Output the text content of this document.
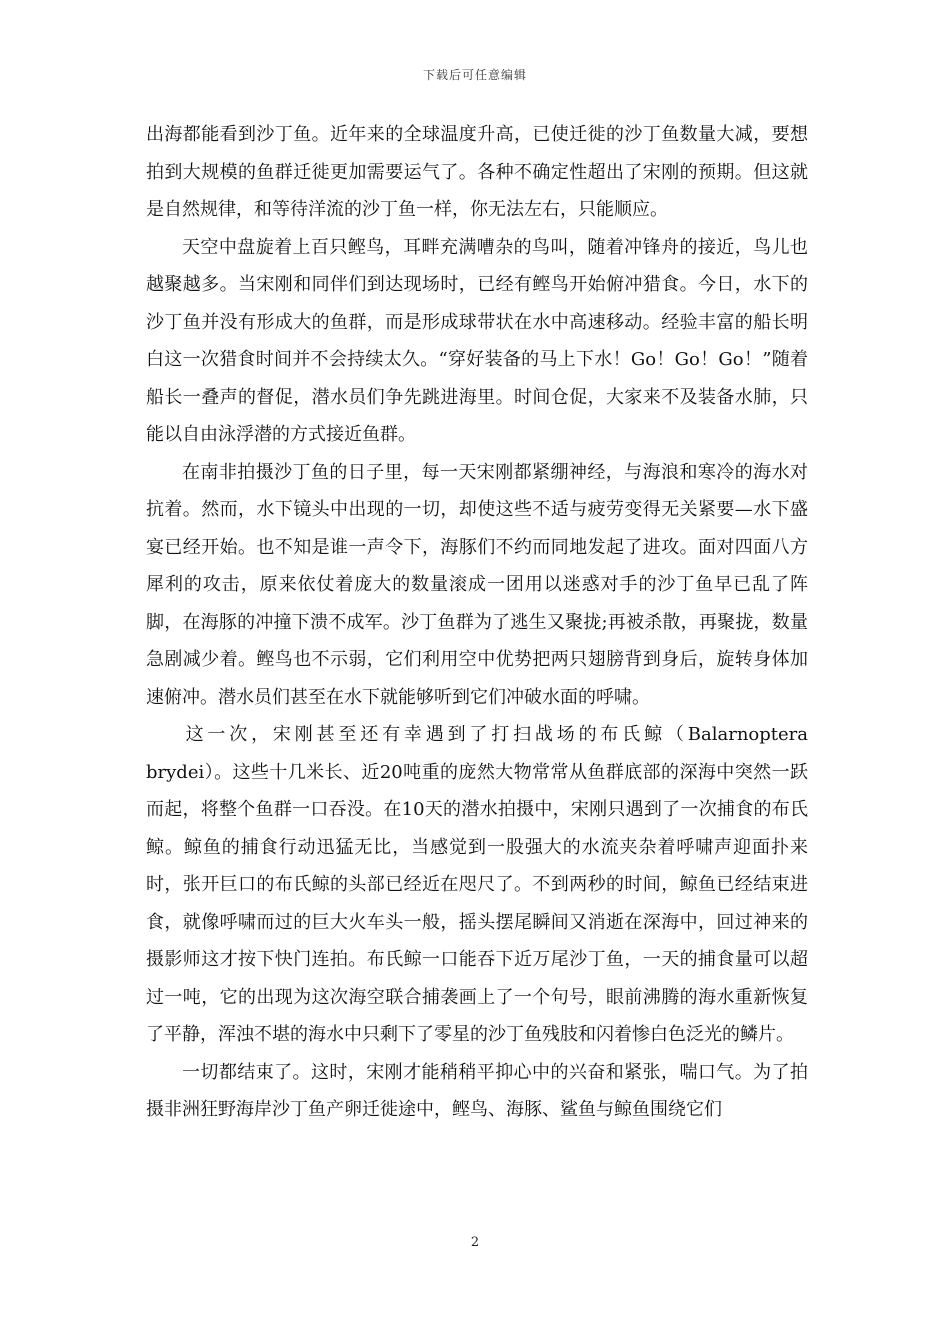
下载后可任意编辑

出海都能看到沙丁鱼。近年来的全球温度升高，已使迁徙的沙丁鱼数量大减，要想拍到大规模的鱼群迁徙更加需要运气了。各种不确定性超出了宋刚的预期。但这就是自然规律，和等待洋流的沙丁鱼一样，你无法左右，只能顺应。

天空中盘旋着上百只鲣鸟，耳畔充满嘈杂的鸟叫，随着冲锋舟的接近，鸟儿也越聚越多。当宋刚和同伴们到达现场时，已经有鲣鸟开始俯冲猎食。今日，水下的沙丁鱼并没有形成大的鱼群，而是形成球带状在水中高速移动。经验丰富的船长明白这一次猎食时间并不会持续太久。“穿好装备的马上下水！Go！Go！Go！”随着船长一叠声的督促，潜水员们争先跳进海里。时间仓促，大家来不及装备水肺，只能以自由泳浮潜的方式接近鱼群。

在南非拍摄沙丁鱼的日子里，每一天宋刚都紧绷神经，与海浪和寒冷的海水对抗着。然而，水下镜头中出现的一切，却使这些不适与疲劳变得无关紧要—水下盛宴已经开始。也不知是谁一声令下，海豚们不约而同地发起了进攻。面对四面八方犀利的攻击，原来依仗着庞大的数量滚成一团用以迷惑对手的沙丁鱼早已乱了阵脚，在海豚的冲撞下溃不成军。沙丁鱼群为了逃生又聚拢;再被杀散，再聚拢，数量急剧减少着。鲣鸟也不示弱，它们利用空中优势把两只翅膀背到身后，旋转身体加速俯冲。潜水员们甚至在水下就能够听到它们冲破水面的呼啸。

这一次，宋刚甚至还有幸遇到了打扫战场的布氏鲸（Balarnoptera brydei）。这些十几米长、近20吨重的庞然大物常常从鱼群底部的深海中突然一跃而起，将整个鱼群一口吞没。在10天的潜水拍摄中，宋刚只遇到了一次捕食的布氏鲸。鲸鱼的捕食行动迅猛无比，当感觉到一股强大的水流夹杂着呼啸声迎面扑来时，张开巨口的布氏鲸的头部已经近在咫尺了。不到两秒的时间，鲸鱼已经结束进食，就像呼啸而过的巨大火车头一般，摇头摆尾瞬间又消逝在深海中，回过神来的摄影师这才按下快门连拍。布氏鲸一口能吞下近万尾沙丁鱼，一天的捕食量可以超过一吨，它的出现为这次海空联合捕袭画上了一个句号，眼前沸腾的海水重新恢复了平静，浑浊不堪的海水中只剩下了零星的沙丁鱼残肢和闪着惨白色泛光的鳞片。

一切都结束了。这时，宋刚才能稍稍平抑心中的兴奋和紧张，喘口气。为了拍摄非洲狂野海岸沙丁鱼产卵迁徙途中，鲣鸟、海豚、鲨鱼与鲸鱼围绕它们

2
